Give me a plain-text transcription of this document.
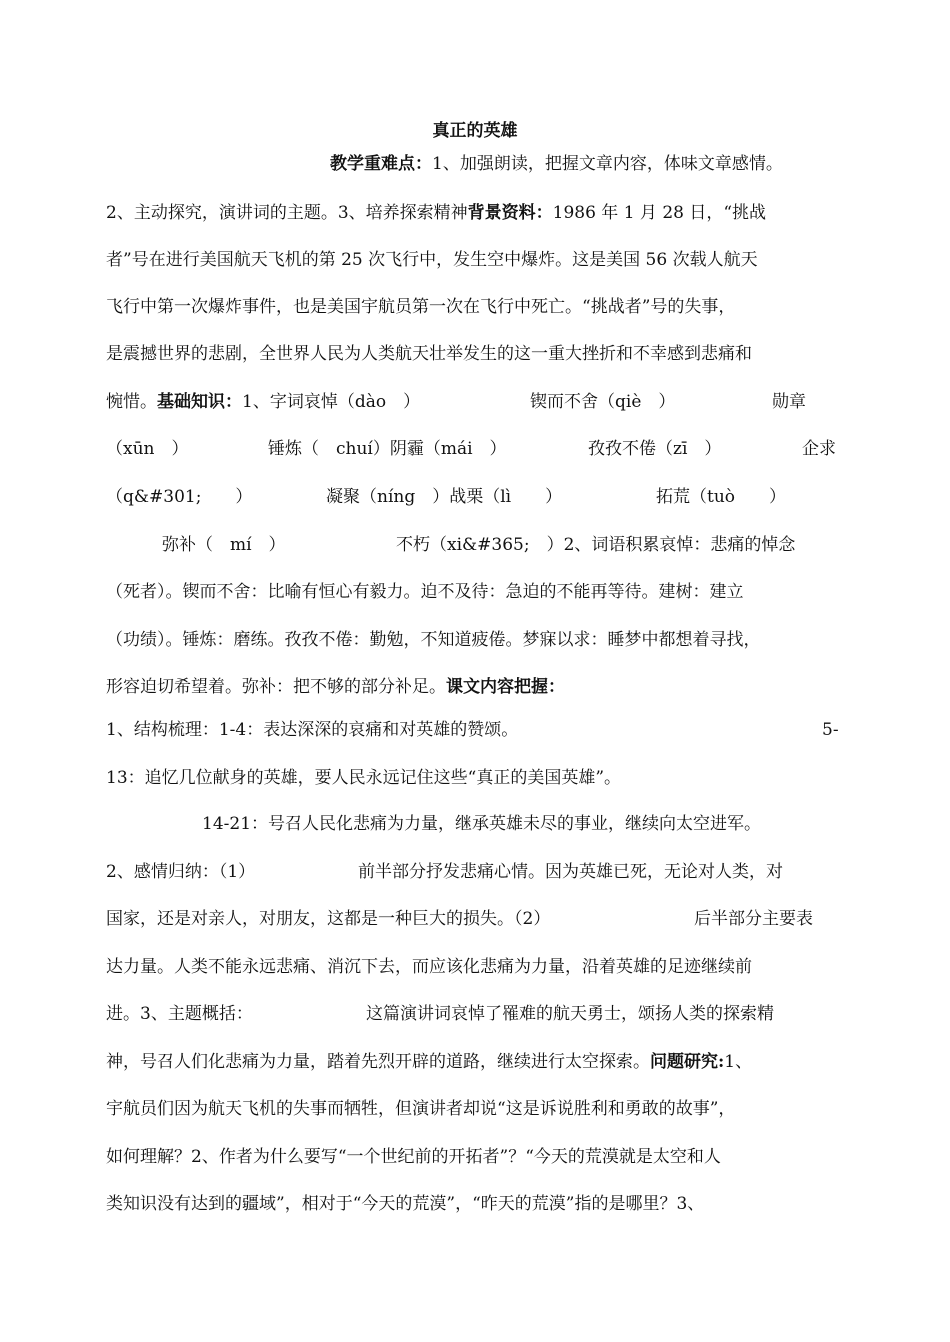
真正的英雄
教学重难点：1、加强朗读，把握文章内容，体味文章感情。
2、主动探究，演讲词的主题。3、培养探索精神背景资料：1986 年 1 月 28 日，“挑战
者”号在进行美国航天飞机的第 25 次飞行中，发生空中爆炸。这是美国 56 次载人航天
飞行中第一次爆炸事件，也是美国宇航员第一次在飞行中死亡。“挑战者”号的失事，
是震撼世界的悲剧，全世界人民为人类航天壮举发生的这一重大挫折和不幸感到悲痛和
惋惜。基础知识：1、字词哀悼（dào　）	锲而不舍（qiè　）	勋章
（xūn　）	锤炼（　chuí）阴霾（mái　）	孜孜不倦（zī　）	企求
（q&#301;　　）	凝聚（níng　）战栗（lì　　）	拓荒（tuò　　）
弥补（　mí　）	不朽（xi&#365;　）2、词语积累哀悼：悲痛的悼念
（死者）。锲而不舍：比喻有恒心有毅力。迫不及待：急迫的不能再等待。建树：建立
（功绩）。锤炼：磨练。孜孜不倦：勤勉，不知道疲倦。梦寐以求：睡梦中都想着寻找，
形容迫切希望着。弥补：把不够的部分补足。课文内容把握：
1、结构梳理：1-4：表达深深的哀痛和对英雄的赞颂。	5-
13：追忆几位献身的英雄，要人民永远记住这些“真正的美国英雄”。
14-21：号召人民化悲痛为力量，继承英雄未尽的事业，继续向太空进军。
2、感情归纳：（1）	前半部分抒发悲痛心情。因为英雄已死，无论对人类，对
国家，还是对亲人，对朋友，这都是一种巨大的损失。（2）	后半部分主要表
达力量。人类不能永远悲痛、消沉下去，而应该化悲痛为力量，沿着英雄的足迹继续前
进。3、主题概括：	这篇演讲词哀悼了罹难的航天勇士，颂扬人类的探索精
神，号召人们化悲痛为力量，踏着先烈开辟的道路，继续进行太空探索。问题研究:1、
宇航员们因为航天飞机的失事而牺牲，但演讲者却说“这是诉说胜利和勇敢的故事”，
如何理解？2、作者为什么要写“一个世纪前的开拓者”？“今天的荒漠就是太空和人
类知识没有达到的疆域”，相对于“今天的荒漠”，“昨天的荒漠”指的是哪里？3、
